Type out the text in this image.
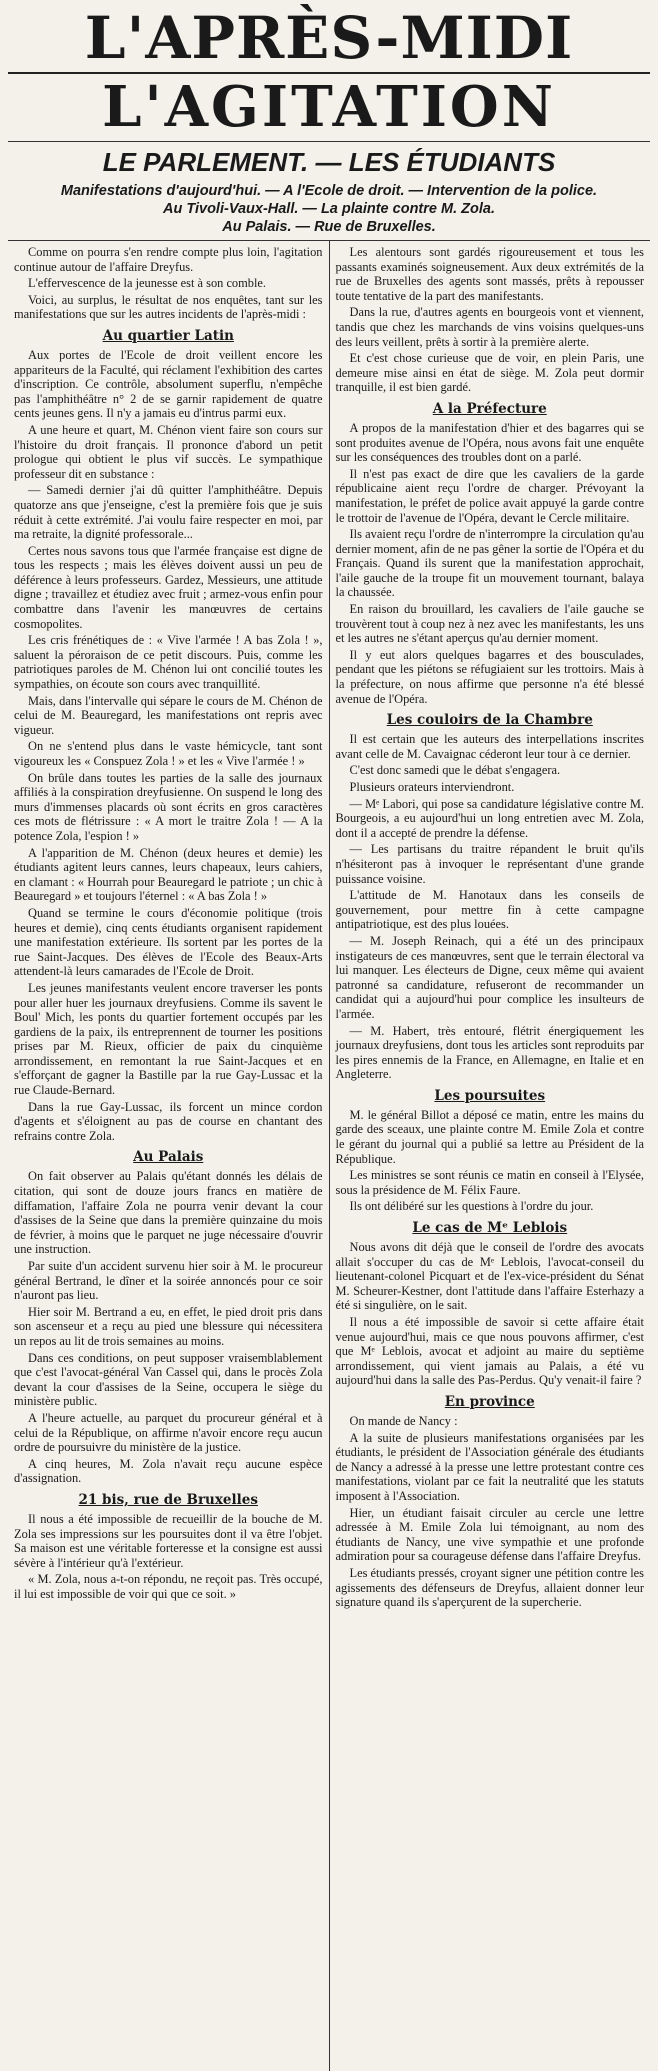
L'APRÈS-MIDI
L'AGITATION
LE PARLEMENT. — LES ÉTUDIANTS
Manifestations d'aujourd'hui. — A l'Ecole de droit. — Intervention de la police.
Au Tivoli-Vaux-Hall. — La plainte contre M. Zola.
Au Palais. — Rue de Bruxelles.

Comme on pourra s'en rendre compte plus loin, l'agitation continue autour de l'affaire Dreyfus.

L'effervescence de la jeunesse est à son comble.

Voici, au surplus, le résultat de nos enquêtes, tant sur les manifestations que sur les autres incidents de l'après-midi :

Au quartier Latin

Aux portes de l'Ecole de droit veillent encore les appariteurs de la Faculté, qui réclament l'exhibition des cartes d'inscription. Ce contrôle, absolument superflu, n'empêche pas l'amphithéâtre n° 2 de se garnir rapidement de quatre cents jeunes gens. Il n'y a jamais eu d'intrus parmi eux.

A une heure et quart, M. Chénon vient faire son cours sur l'histoire du droit français. Il prononce d'abord un petit prologue qui obtient le plus vif succès. Le sympathique professeur dit en substance :

— Samedi dernier j'ai dû quitter l'amphithéâtre. Depuis quatorze ans que j'enseigne, c'est la première fois que je suis réduit à cette extrémité. J'ai voulu faire respecter en moi, par ma retraite, la dignité professorale...

Certes nous savons tous que l'armée française est digne de tous les respects ; mais les élèves doivent aussi un peu de déférence à leurs professeurs. Gardez, Messieurs, une attitude digne ; travaillez et étudiez avec fruit ; armez-vous enfin pour combattre dans l'avenir les manœuvres de certains cosmopolites.

Les cris frénétiques de : « Vive l'armée ! A bas Zola ! », saluent la péroraison de ce petit discours. Puis, comme les patriotiques paroles de M. Chénon lui ont concilié toutes les sympathies, on écoute son cours avec tranquillité.

Mais, dans l'intervalle qui sépare le cours de M. Chénon de celui de M. Beauregard, les manifestations ont repris avec vigueur.

On ne s'entend plus dans le vaste hémicycle, tant sont vigoureux les « Conspuez Zola ! » et les « Vive l'armée ! »

On brûle dans toutes les parties de la salle des journaux affiliés à la conspiration dreyfusienne. On suspend le long des murs d'immenses placards où sont écrits en gros caractères ces mots de flétrissure : « A mort le traitre Zola ! — A la potence Zola, l'espion ! »

A l'apparition de M. Chénon (deux heures et demie) les étudiants agitent leurs cannes, leurs chapeaux, leurs cahiers, en clamant : « Hourrah pour Beauregard le patriote ; un chic à Beauregard » et toujours l'éternel : « A bas Zola ! »

Quand se termine le cours d'économie politique (trois heures et demie), cinq cents étudiants organisent rapidement une manifestation extérieure. Ils sortent par les portes de la rue Saint-Jacques. Des élèves de l'Ecole des Beaux-Arts attendent-là leurs camarades de l'Ecole de Droit.

Les jeunes manifestants veulent encore traverser les ponts pour aller huer les journaux dreyfusiens. Comme ils savent le Boul' Mich, les ponts du quartier fortement occupés par les gardiens de la paix, ils entreprennent de tourner les positions prises par M. Rieux, officier de paix du cinquième arrondissement, en remontant la rue Saint-Jacques et en s'efforçant de gagner la Bastille par la rue Gay-Lussac et la rue Claude-Bernard.

Dans la rue Gay-Lussac, ils forcent un mince cordon d'agents et s'éloignent au pas de course en chantant des refrains contre Zola.

Au Palais

On fait observer au Palais qu'étant donnés les délais de citation, qui sont de douze jours francs en matière de diffamation, l'affaire Zola ne pourra venir devant la cour d'assises de la Seine que dans la première quinzaine du mois de février, à moins que le parquet ne juge nécessaire d'ouvrir une instruction.

Par suite d'un accident survenu hier soir à M. le procureur général Bertrand, le dîner et la soirée annoncés pour ce soir n'auront pas lieu.

Hier soir M. Bertrand a eu, en effet, le pied droit pris dans son ascenseur et a reçu au pied une blessure qui nécessitera un repos au lit de trois semaines au moins.

Dans ces conditions, on peut supposer vraisemblablement que c'est l'avocat-général Van Cassel qui, dans le procès Zola devant la cour d'assises de la Seine, occupera le siège du ministère public.

A l'heure actuelle, au parquet du procureur général et à celui de la République, on affirme n'avoir encore reçu aucun ordre de poursuivre du ministère de la justice.

A cinq heures, M. Zola n'avait reçu aucune espèce d'assignation.

21 bis, rue de Bruxelles

Il nous a été impossible de recueillir de la bouche de M. Zola ses impressions sur les poursuites dont il va être l'objet. Sa maison est une véritable forteresse et la consigne est aussi sévère à l'intérieur qu'à l'extérieur.

« M. Zola, nous a-t-on répondu, ne reçoit pas. Très occupé, il lui est impossible de voir qui que ce soit. »

Les alentours sont gardés rigoureusement et tous les passants examinés soigneusement. Aux deux extrémités de la rue de Bruxelles des agents sont massés, prêts à repousser toute tentative de la part des manifestants.

Dans la rue, d'autres agents en bourgeois vont et viennent, tandis que chez les marchands de vins voisins quelques-uns des leurs veillent, prêts à sortir à la première alerte.

Et c'est chose curieuse que de voir, en plein Paris, une demeure mise ainsi en état de siège. M. Zola peut dormir tranquille, il est bien gardé.

A la Préfecture

A propos de la manifestation d'hier et des bagarres qui se sont produites avenue de l'Opéra, nous avons fait une enquête sur les conséquences des troubles dont on a parlé.

Il n'est pas exact de dire que les cavaliers de la garde républicaine aient reçu l'ordre de charger. Prévoyant la manifestation, le préfet de police avait appuyé la garde contre le trottoir de l'avenue de l'Opéra, devant le Cercle militaire.

Ils avaient reçu l'ordre de n'interrompre la circulation qu'au dernier moment, afin de ne pas gêner la sortie de l'Opéra et du Français. Quand ils surent que la manifestation approchait, l'aile gauche de la troupe fit un mouvement tournant, balaya la chaussée.

En raison du brouillard, les cavaliers de l'aile gauche se trouvèrent tout à coup nez à nez avec les manifestants, les uns et les autres ne s'étant aperçus qu'au dernier moment.

Il y eut alors quelques bagarres et des bousculades, pendant que les piétons se réfugiaient sur les trottoirs. Mais à la préfecture, on nous affirme que personne n'a été blessé avenue de l'Opéra.

Les couloirs de la Chambre

Il est certain que les auteurs des interpellations inscrites avant celle de M. Cavaignac céderont leur tour à ce dernier.

C'est donc samedi que le débat s'engagera.

Plusieurs orateurs interviendront.

— Mᵉ Labori, qui pose sa candidature législative contre M. Bourgeois, a eu aujourd'hui un long entretien avec M. Zola, dont il a accepté de prendre la défense.

— Les partisans du traitre répandent le bruit qu'ils n'hésiteront pas à invoquer le représentant d'une grande puissance voisine.

L'attitude de M. Hanotaux dans les conseils de gouvernement, pour mettre fin à cette campagne antipatriotique, est des plus louées.

— M. Joseph Reinach, qui a été un des principaux instigateurs de ces manœuvres, sent que le terrain électoral va lui manquer. Les électeurs de Digne, ceux même qui avaient patronné sa candidature, refuseront de recommander un candidat qui a aujourd'hui pour complice les insulteurs de l'armée.

— M. Habert, très entouré, flétrit énergiquement les journaux dreyfusiens, dont tous les articles sont reproduits par les pires ennemis de la France, en Allemagne, en Italie et en Angleterre.

Les poursuites

M. le général Billot a déposé ce matin, entre les mains du garde des sceaux, une plainte contre M. Emile Zola et contre le gérant du journal qui a publié sa lettre au Président de la République.

Les ministres se sont réunis ce matin en conseil à l'Elysée, sous la présidence de M. Félix Faure.

Ils ont délibéré sur les questions à l'ordre du jour.

Le cas de Mᵉ Leblois

Nous avons dit déjà que le conseil de l'ordre des avocats allait s'occuper du cas de Mᵉ Leblois, l'avocat-conseil du lieutenant-colonel Picquart et de l'ex-vice-président du Sénat M. Scheurer-Kestner, dont l'attitude dans l'affaire Esterhazy a été si singulière, on le sait.

Il nous a été impossible de savoir si cette affaire était venue aujourd'hui, mais ce que nous pouvons affirmer, c'est que Mᵉ Leblois, avocat et adjoint au maire du septième arrondissement, qui vient jamais au Palais, a été vu aujourd'hui dans la salle des Pas-Perdus. Qu'y venait-il faire ?

En province

On mande de Nancy :

A la suite de plusieurs manifestations organisées par les étudiants, le président de l'Association générale des étudiants de Nancy a adressé à la presse une lettre protestant contre ces manifestations, violant par ce fait la neutralité que les statuts imposent à l'Association.

Hier, un étudiant faisait circuler au cercle une lettre adressée à M. Emile Zola lui témoignant, au nom des étudiants de Nancy, une vive sympathie et une profonde admiration pour sa courageuse défense dans l'affaire Dreyfus.

Les étudiants pressés, croyant signer une pétition contre les agissements des défenseurs de Dreyfus, allaient donner leur signature quand ils s'aperçurent de la supercherie.
